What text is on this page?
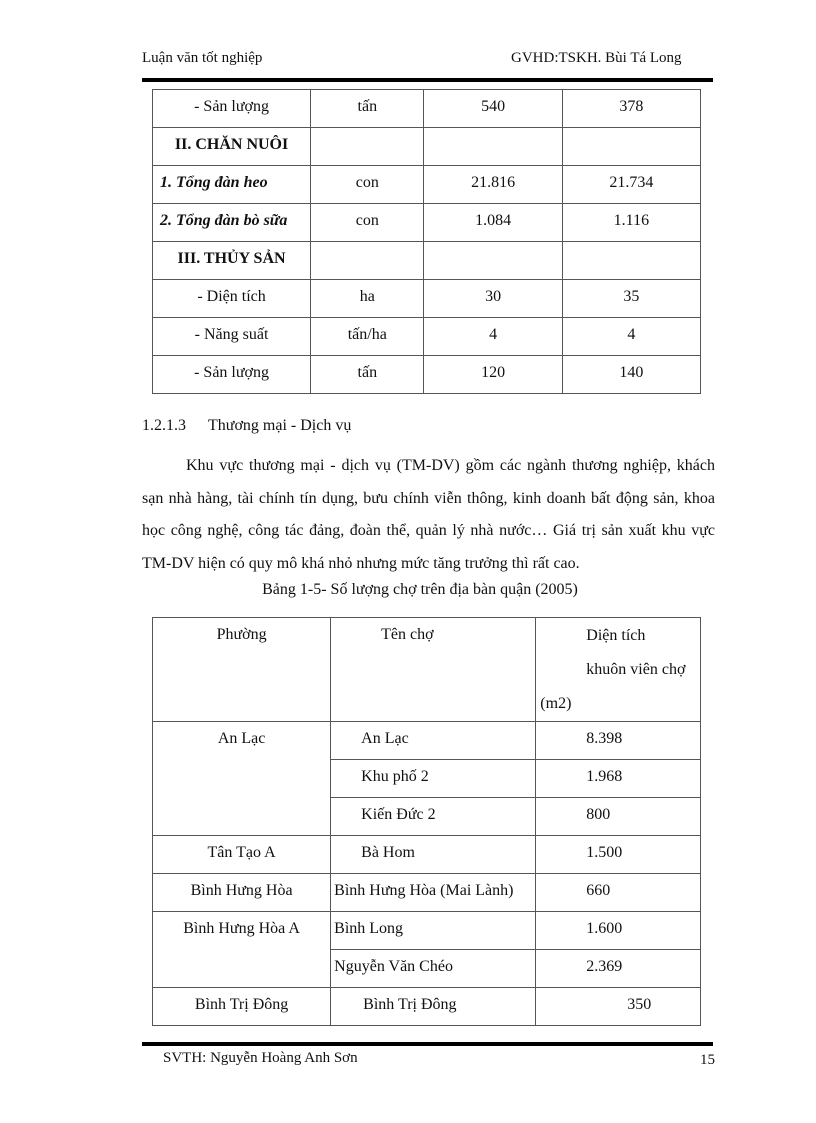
Luận văn tốt nghiệp	GVHD:TSKH. Bùi Tá Long
- Sản lượng	tấn	540	378

II. CHĂN NUÔI			

1. Tổng đàn heo	con	21.816	21.734

2. Tổng đàn bò sữa	con	1.084	1.116

III. THỦY SẢN			

- Diện tích	ha	30	35

- Năng suất	tấn/ha	4	4

- Sản lượng	tấn	120	140
1.2.1.3 Thương mại - Dịch vụ
Khu vực thương mại - dịch vụ (TM-DV) gồm các ngành thương nghiệp, khách sạn nhà hàng, tài chính tín dụng, bưu chính viễn thông, kinh doanh bất động sản, khoa học công nghệ, công tác đảng, đoàn thể, quản lý nhà nước… Giá trị sản xuất khu vực TM-DV hiện có quy mô khá nhỏ nhưng mức tăng trưởng thì rất cao.
Bảng 1-5- Số lượng chợ trên địa bàn quận (2005)
Phường	Tên chợ	Diện tích
khuôn viên chợ
(m2)

An Lạc	An Lạc	8.398

	Khu phố 2	1.968

	Kiến Đức 2	800

Tân Tạo A	Bà Hom	1.500

Bình Hưng Hòa	Bình Hưng Hòa (Mai Lành)	660

Bình Hưng Hòa A	Bình Long	1.600

	Nguyễn Văn Chéo	2.369

Bình Trị Đông	Bình Trị Đông	350
SVTH: Nguyễn Hoàng Anh Sơn	15
